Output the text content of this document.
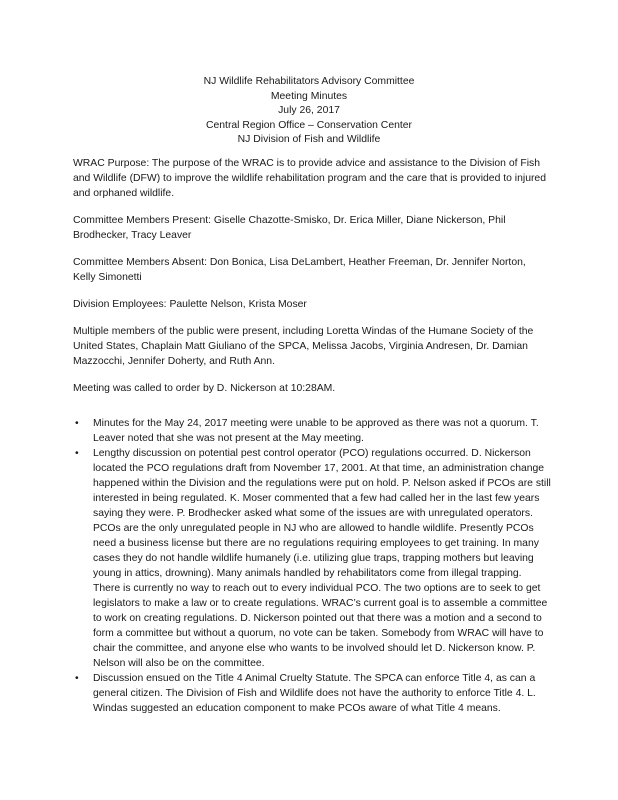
NJ Wildlife Rehabilitators Advisory Committee
Meeting Minutes
July 26, 2017
Central Region Office – Conservation Center
NJ Division of Fish and Wildlife

WRAC Purpose: The purpose of the WRAC is to provide advice and assistance to the Division of Fish and Wildlife (DFW) to improve the wildlife rehabilitation program and the care that is provided to injured and orphaned wildlife.

Committee Members Present: Giselle Chazotte-Smisko, Dr. Erica Miller, Diane Nickerson, Phil Brodhecker, Tracy Leaver

Committee Members Absent: Don Bonica, Lisa DeLambert, Heather Freeman, Dr. Jennifer Norton, Kelly Simonetti

Division Employees: Paulette Nelson, Krista Moser

Multiple members of the public were present, including Loretta Windas of the Humane Society of the United States, Chaplain Matt Giuliano of the SPCA, Melissa Jacobs, Virginia Andresen, Dr. Damian Mazzocchi, Jennifer Doherty, and Ruth Ann.

Meeting was called to order by D. Nickerson at 10:28AM.

•	Minutes for the May 24, 2017 meeting were unable to be approved as there was not a quorum. T. Leaver noted that she was not present at the May meeting.
•	Lengthy discussion on potential pest control operator (PCO) regulations occurred. D. Nickerson located the PCO regulations draft from November 17, 2001. At that time, an administration change happened within the Division and the regulations were put on hold. P. Nelson asked if PCOs are still interested in being regulated. K. Moser commented that a few had called her in the last few years saying they were. P. Brodhecker asked what some of the issues are with unregulated operators. PCOs are the only unregulated people in NJ who are allowed to handle wildlife. Presently PCOs need a business license but there are no regulations requiring employees to get training. In many cases they do not handle wildlife humanely (i.e. utilizing glue traps, trapping mothers but leaving young in attics, drowning). Many animals handled by rehabilitators come from illegal trapping. There is currently no way to reach out to every individual PCO. The two options are to seek to get legislators to make a law or to create regulations. WRAC’s current goal is to assemble a committee to work on creating regulations. D. Nickerson pointed out that there was a motion and a second to form a committee but without a quorum, no vote can be taken. Somebody from WRAC will have to chair the committee, and anyone else who wants to be involved should let D. Nickerson know. P. Nelson will also be on the committee.
•	Discussion ensued on the Title 4 Animal Cruelty Statute. The SPCA can enforce Title 4, as can a general citizen. The Division of Fish and Wildlife does not have the authority to enforce Title 4. L. Windas suggested an education component to make PCOs aware of what Title 4 means.
